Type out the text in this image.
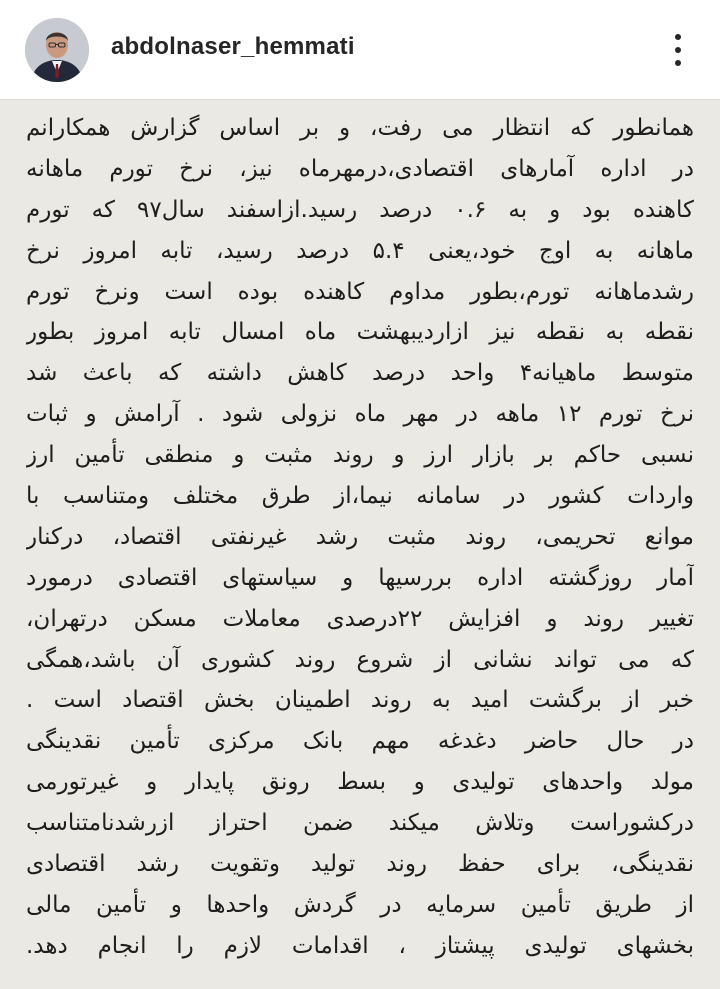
abdolnaser_hemmati
همانطور که انتظار می رفت، و بر اساس گزارش همکارانم
در اداره آمارهای اقتصادی،درمهرماه نیز، نرخ تورم ماهانه
کاهنده بود و به ۰.۶ درصد رسید.ازاسفند سال۹۷ که تورم
ماهانه به اوج خود،یعنی ۵.۴ درصد رسید، تابه امروز نرخ
رشدماهانه تورم،بطور مداوم کاهنده بوده است ونرخ تورم
نقطه به نقطه نیز ازاردیبهشت ماه امسال تابه امروز بطور
متوسط ماهیانه۴ واحد درصد کاهش داشته که باعث شد
نرخ تورم ۱۲ ماهه در مهر ماه نزولی شود . آرامش و ثبات
نسبی حاکم بر بازار ارز و روند مثبت و منطقی تأمین ارز
واردات کشور در سامانه نیما،از طرق مختلف ومتناسب با
موانع تحریمی، روند مثبت رشد غیرنفتی اقتصاد، درکنار
آمار روزگشته اداره بررسیها و سیاستهای اقتصادی درمورد
تغییر روند و افزایش ۲۲درصدی معاملات مسکن درتهران،
که می تواند نشانی از شروع روند کشوری آن باشد،همگی
خبر از برگشت امید به روند اطمینان بخش اقتصاد است .
در حال حاضر دغدغه مهم بانک مرکزی تأمین نقدینگی
مولد واحدهای تولیدی و بسط رونق پایدار و غیرتورمی
درکشوراست وتلاش میکند ضمن احتراز ازرشدنامتناسب
نقدینگی، برای حفظ روند تولید وتقویت رشد اقتصادی
از طریق تأمین سرمایه در گردش واحدها و تأمین مالی
بخشهای تولیدی پیشتاز ، اقدامات لازم را انجام دهد.
